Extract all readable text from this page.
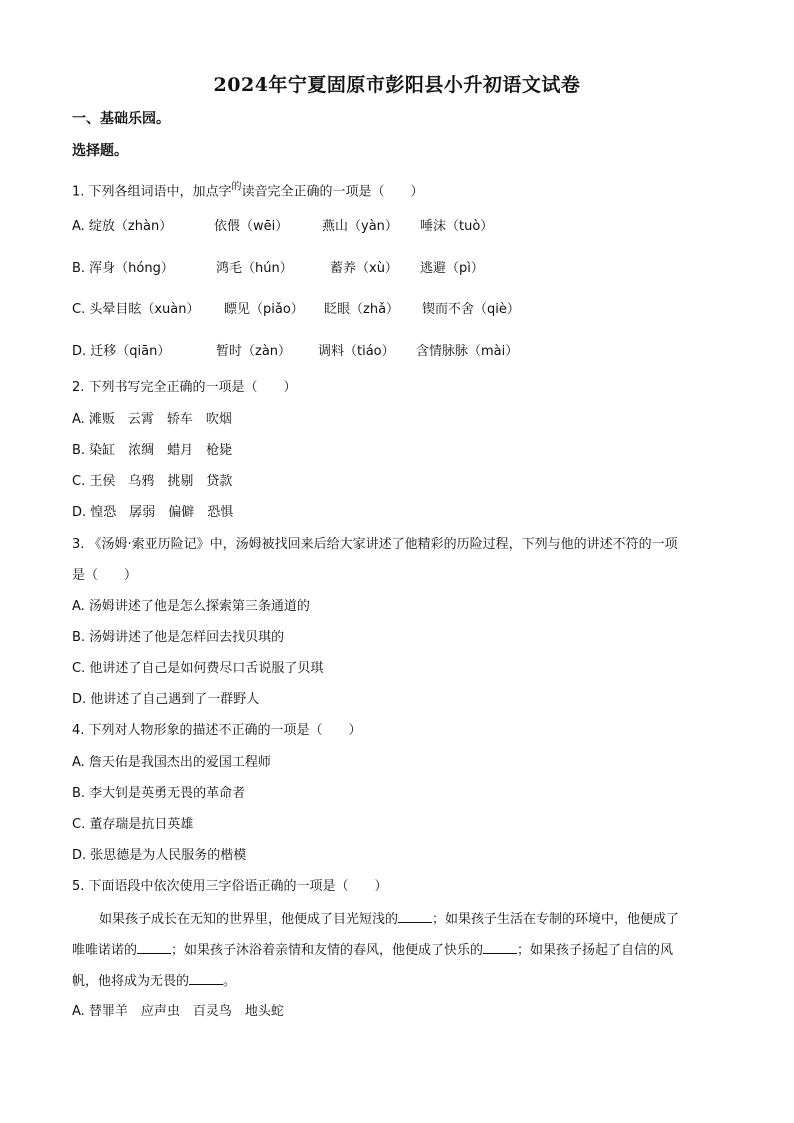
2024年宁夏固原市彭阳县小升初语文试卷
一、基础乐园。
选择题。
1. 下列各组词语中，加点字$^的$读音完全正确的一项是（　　）
A. 绽放（zhàn）	依偎（wēi）	燕山（yàn） 唾沫（tuò）
B. 浑身（hóng）	鸿毛（hún）	蓄养（xù） 逃避（pì）
C. 头晕目眩（xuàn） 瞟见（piǎo） 眨眼（zhǎ） 锲而不舍（qiè）
D. 迁移（qiān）	暂时（zàn） 调料（tiáo） 含情脉脉（mài）
2. 下列书写完全正确的一项是（　　）
A. 滩贩　云霄　轿车　吹烟
B. 染缸　浓绸　蜡月　枪毙
C. 王侯　乌鸦　挑剔　贷款
D. 惶恐　孱弱　偏僻　恐惧
3. 《汤姆·索亚历险记》中，汤姆被找回来后给大家讲述了他精彩的历险过程，下列与他的讲述不符的一项
是（　　）
A. 汤姆讲述了他是怎么探索第三条通道的
B. 汤姆讲述了他是怎样回去找贝琪的
C. 他讲述了自己是如何费尽口舌说服了贝琪
D. 他讲述了自己遇到了一群野人
4. 下列对人物形象的描述不正确的一项是（　　）
A. 詹天佑是我国杰出的爱国工程师
B. 李大钊是英勇无畏的革命者
C. 董存瑞是抗日英雄
D. 张思德是为人民服务的楷模
5. 下面语段中依次使用三字俗语正确的一项是（　　）
如果孩子成长在无知的世界里，他便成了目光短浅的	；如果孩子生活在专制的环境中，他便成了
唯唯诺诺的	；如果孩子沐浴着亲情和友情的春风，他便成了快乐的	；如果孩子扬起了自信的风
帆，他将成为无畏的	。
A. 替罪羊　应声虫　百灵鸟　地头蛇
